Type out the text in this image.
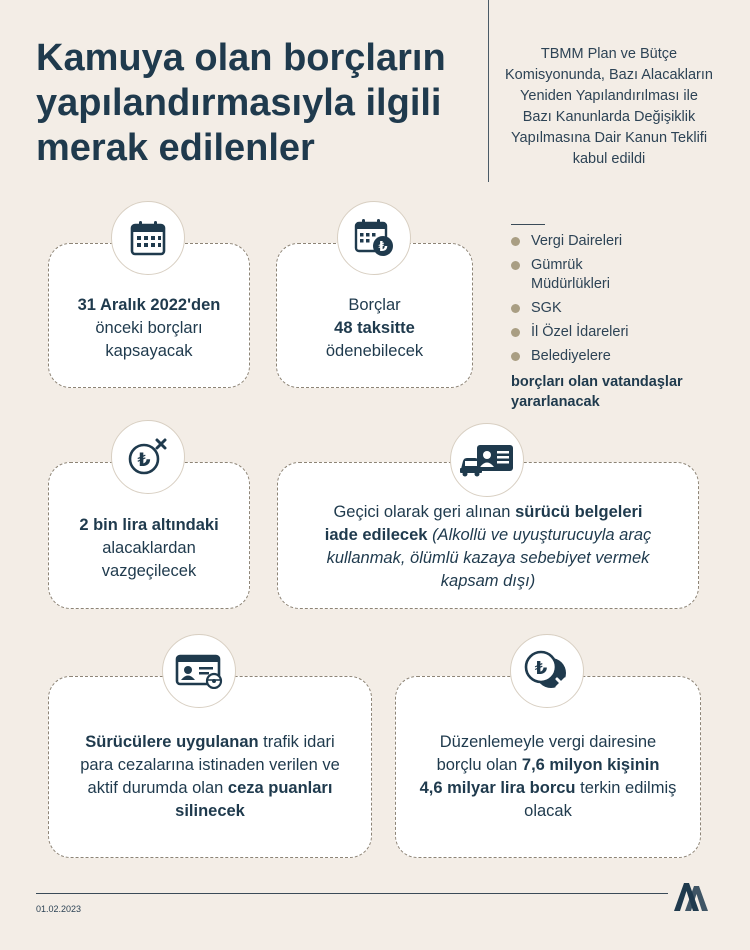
Kamuya olan borçların yapılandırmasıyla ilgili merak edilenler
TBMM Plan ve Bütçe Komisyonunda, Bazı Alacakların Yeniden Yapılandırılması ile Bazı Kanunlarda Değişiklik Yapılmasına Dair Kanun Teklifi kabul edildi
Vergi Daireleri
Gümrük Müdürlükleri
SGK
İl Özel İdareleri
Belediyelere
borçları olan vatandaşlar yararlanacak
31 Aralık 2022'den
önceki borçları kapsayacak
Borçlar
48 taksitte
ödenebilecek
₺
2 bin lira altındaki
alacaklardan vazgeçilecek
₺
Geçici olarak geri alınan sürücü belgeleri
iade edilecek (Alkollü ve uyuşturucuyla araç kullanmak, ölümlü kazaya sebebiyet vermek kapsam dışı)
Sürücülere uygulanan trafik idari para cezalarına istinaden verilen ve aktif durumda olan ceza puanları silinecek
Düzenlemeyle vergi dairesine borçlu olan 7,6 milyon kişinin
4,6 milyar lira borcu terkin edilmiş olacak
₺
01.02.2023
